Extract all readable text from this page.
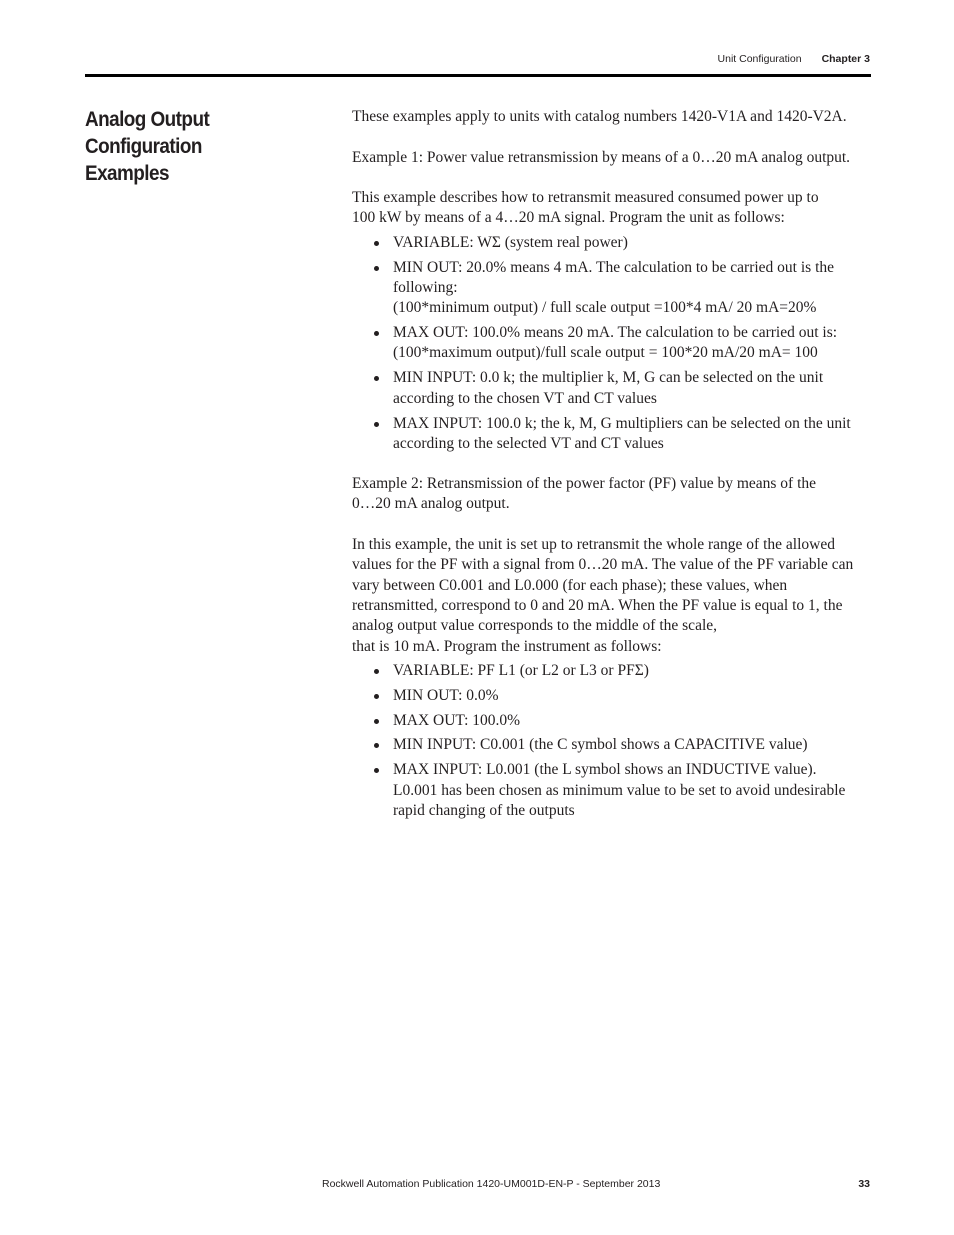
Unit Configuration Chapter 3
Analog Output Configuration
Examples

These examples apply to units with catalog numbers 1420-V1A and 1420-V2A.

Example 1: Power value retransmission by means of a 0…20 mA analog output.

This example describes how to retransmit measured consumed power up to
100 kW by means of a 4…20 mA signal. Program the unit as follows:

VARIABLE: WΣ (system real power)
MIN OUT: 20.0% means 4 mA. The calculation to be carried out is the
following:
(100*minimum output) / full scale output =100*4 mA/ 20 mA=20%
MAX OUT: 100.0% means 20 mA. The calculation to be carried out is:
(100*maximum output)/full scale output = 100*20 mA/20 mA= 100
MIN INPUT: 0.0 k; the multiplier k, M, G can be selected on the unit
according to the chosen VT and CT values
MAX INPUT: 100.0 k; the k, M, G multipliers can be selected on the unit
according to the selected VT and CT values

Example 2: Retransmission of the power factor (PF) value by means of the
0…20 mA analog output.

In this example, the unit is set up to retransmit the whole range of the allowed
values for the PF with a signal from 0…20 mA. The value of the PF variable can
vary between C0.001 and L0.000 (for each phase); these values, when
retransmitted, correspond to 0 and 20 mA. When the PF value is equal to 1, the
analog output value corresponds to the middle of the scale,
that is 10 mA. Program the instrument as follows:

VARIABLE: PF L1 (or L2 or L3 or PFΣ)
MIN OUT: 0.0%
MAX OUT: 100.0%
MIN INPUT: C0.001 (the C symbol shows a CAPACITIVE value)
MAX INPUT: L0.001 (the L symbol shows an INDUCTIVE value).
L0.001 has been chosen as minimum value to be set to avoid undesirable
rapid changing of the outputs
Rockwell Automation Publication 1420-UM001D-EN-P - September 2013	33
